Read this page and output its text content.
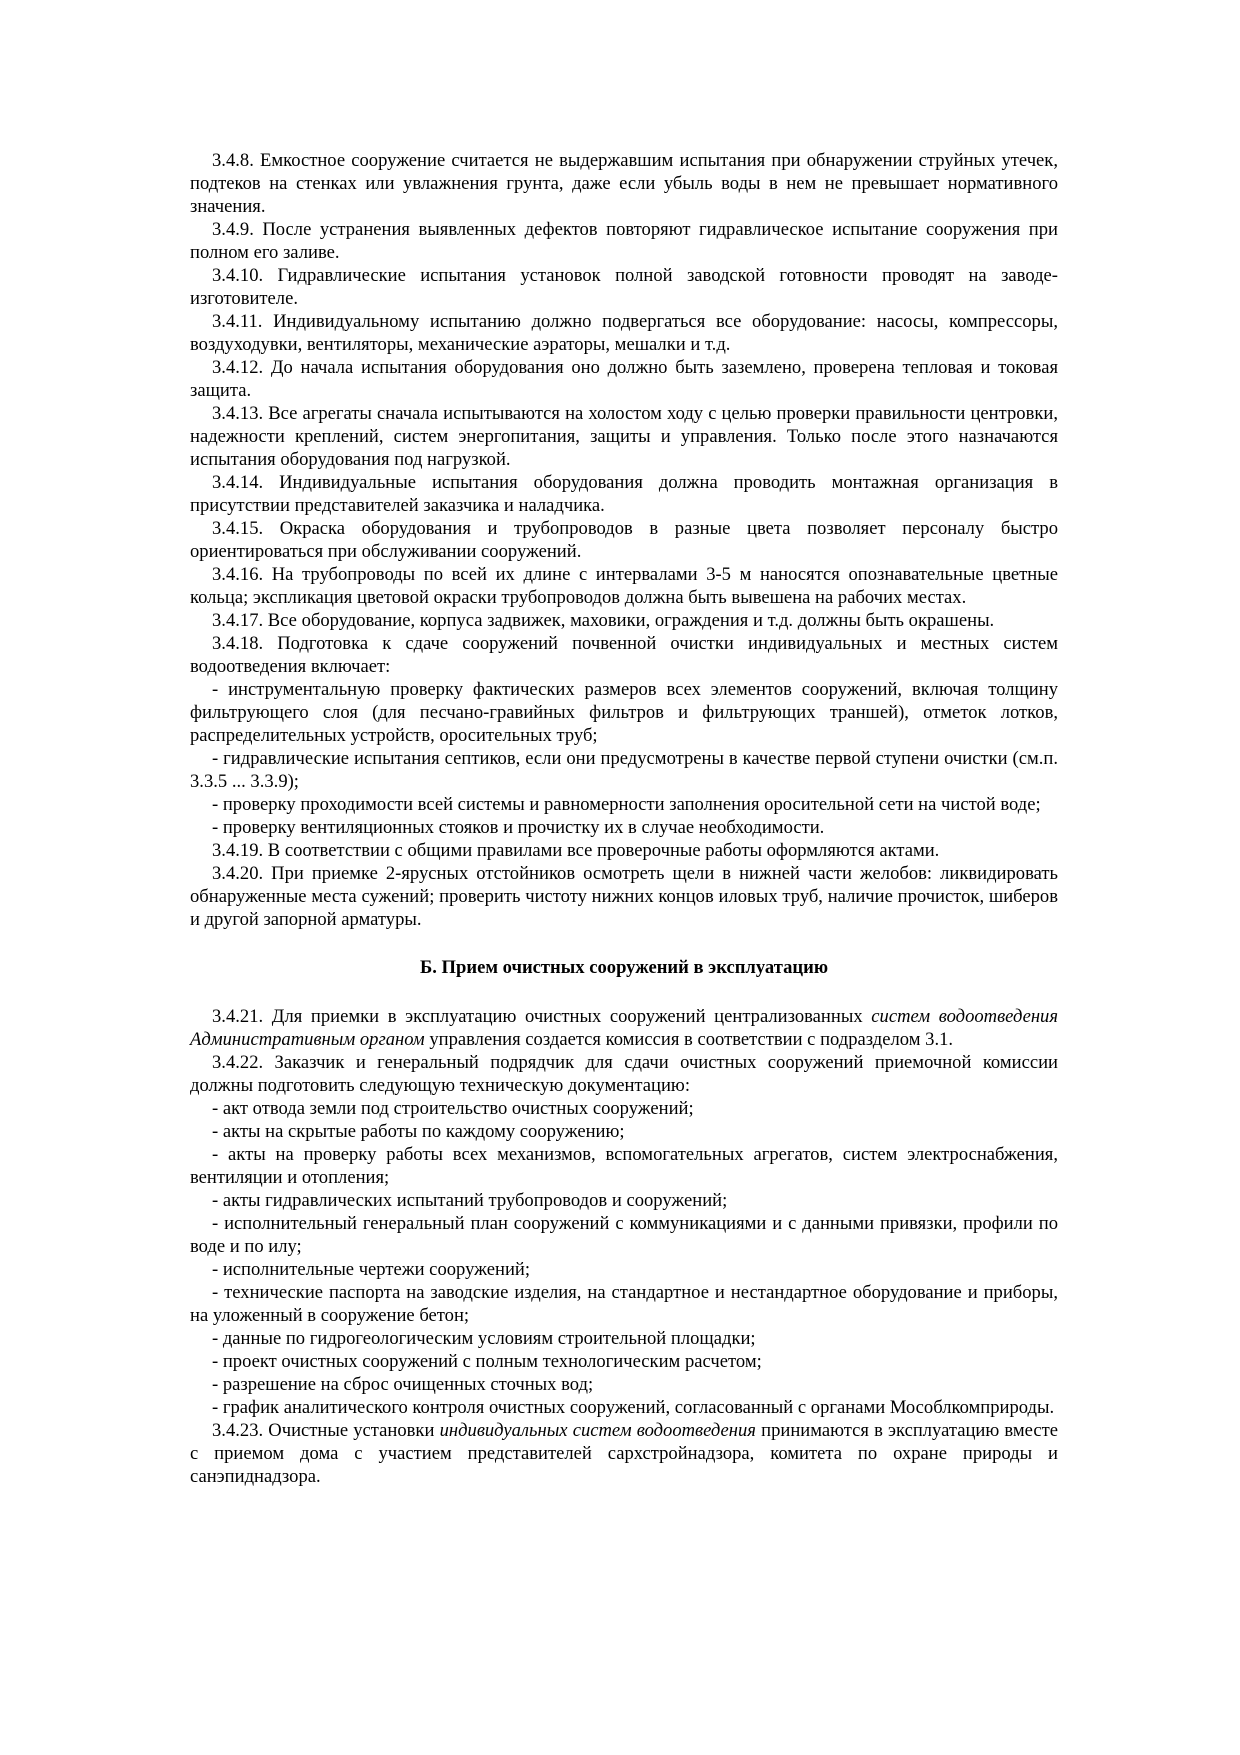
3.4.8. Емкостное сооружение считается не выдержавшим испытания при обнаружении струйных утечек, подтеков на стенках или увлажнения грунта, даже если убыль воды в нем не превышает нормативного значения.

3.4.9. После устранения выявленных дефектов повторяют гидравлическое испытание сооружения при полном его заливе.

3.4.10. Гидравлические испытания установок полной заводской готовности проводят на заводе-изготовителе.

3.4.11. Индивидуальному испытанию должно подвергаться все оборудование: насосы, компрессоры, воздуходувки, вентиляторы, механические аэраторы, мешалки и т.д.

3.4.12. До начала испытания оборудования оно должно быть заземлено, проверена тепловая и токовая защита.

3.4.13. Все агрегаты сначала испытываются на холостом ходу с целью проверки правильности центровки, надежности креплений, систем энергопитания, защиты и управления. Только после этого назначаются испытания оборудования под нагрузкой.

3.4.14. Индивидуальные испытания оборудования должна проводить монтажная организация в присутствии представителей заказчика и наладчика.

3.4.15. Окраска оборудования и трубопроводов в разные цвета позволяет персоналу быстро ориентироваться при обслуживании сооружений.

3.4.16. На трубопроводы по всей их длине с интервалами 3-5 м наносятся опознавательные цветные кольца; экспликация цветовой окраски трубопроводов должна быть вывешена на рабочих местах.

3.4.17. Все оборудование, корпуса задвижек, маховики, ограждения и т.д. должны быть окрашены.

3.4.18. Подготовка к сдаче сооружений почвенной очистки индивидуальных и местных систем водоотведения включает:

- инструментальную проверку фактических размеров всех элементов сооружений, включая толщину фильтрующего слоя (для песчано-гравийных фильтров и фильтрующих траншей), отметок лотков, распределительных устройств, оросительных труб;

- гидравлические испытания септиков, если они предусмотрены в качестве первой ступени очистки (см.п. 3.3.5 ... 3.3.9);

- проверку проходимости всей системы и равномерности заполнения оросительной сети на чистой воде;

- проверку вентиляционных стояков и прочистку их в случае необходимости.

3.4.19. В соответствии с общими правилами все проверочные работы оформляются актами.

3.4.20. При приемке 2-ярусных отстойников осмотреть щели в нижней части желобов: ликвидировать обнаруженные места сужений; проверить чистоту нижних концов иловых труб, наличие прочисток, шиберов и другой запорной арматуры.

Б. Прием очистных сооружений в эксплуатацию

3.4.21. Для приемки в эксплуатацию очистных сооружений централизованных систем водоотведения Административным органом управления создается комиссия в соответствии с подразделом 3.1.

3.4.22. Заказчик и генеральный подрядчик для сдачи очистных сооружений приемочной комиссии должны подготовить следующую техническую документацию:

- акт отвода земли под строительство очистных сооружений;

- акты на скрытые работы по каждому сооружению;

- акты на проверку работы всех механизмов, вспомогательных агрегатов, систем электроснабжения, вентиляции и отопления;

- акты гидравлических испытаний трубопроводов и сооружений;

- исполнительный генеральный план сооружений с коммуникациями и с данными привязки, профили по воде и по илу;

- исполнительные чертежи сооружений;

- технические паспорта на заводские изделия, на стандартное и нестандартное оборудование и приборы, на уложенный в сооружение бетон;

- данные по гидрогеологическим условиям строительной площадки;

- проект очистных сооружений с полным технологическим расчетом;

- разрешение на сброс очищенных сточных вод;

- график аналитического контроля очистных сооружений, согласованный с органами Мособлкомприроды.

3.4.23. Очистные установки индивидуальных систем водоотведения принимаются в эксплуатацию вместе с приемом дома с участием представителей сархстройнадзора, комитета по охране природы и санэпиднадзора.
